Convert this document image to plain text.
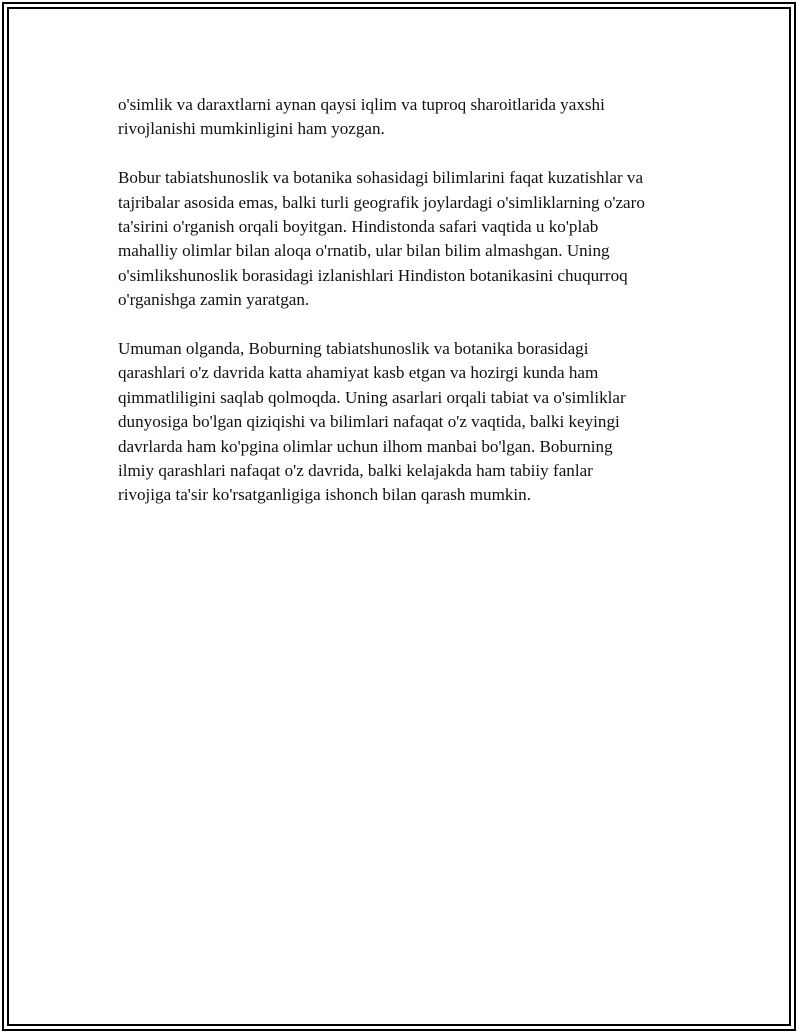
o'simlik va daraxtlarni aynan qaysi iqlim va tuproq sharoitlarida yaxshi
rivojlanishi mumkinligini ham yozgan.

Bobur tabiatshunoslik va botanika sohasidagi bilimlarini faqat kuzatishlar va
tajribalar asosida emas, balki turli geografik joylardagi o'simliklarning o'zaro
ta'sirini o'rganish orqali boyitgan. Hindistonda safari vaqtida u ko'plab
mahalliy olimlar bilan aloqa o'rnatib, ular bilan bilim almashgan. Uning
o'simlikshunoslik borasidagi izlanishlari Hindiston botanikasini chuqurroq
o'rganishga zamin yaratgan.

Umuman olganda, Boburning tabiatshunoslik va botanika borasidagi
qarashlari o'z davrida katta ahamiyat kasb etgan va hozirgi kunda ham
qimmatliligini saqlab qolmoqda. Uning asarlari orqali tabiat va o'simliklar
dunyosiga bo'lgan qiziqishi va bilimlari nafaqat o'z vaqtida, balki keyingi
davrlarda ham ko'pgina olimlar uchun ilhom manbai bo'lgan. Boburning
ilmiy qarashlari nafaqat o'z davrida, balki kelajakda ham tabiiy fanlar
rivojiga ta'sir ko'rsatganligiga ishonch bilan qarash mumkin.
